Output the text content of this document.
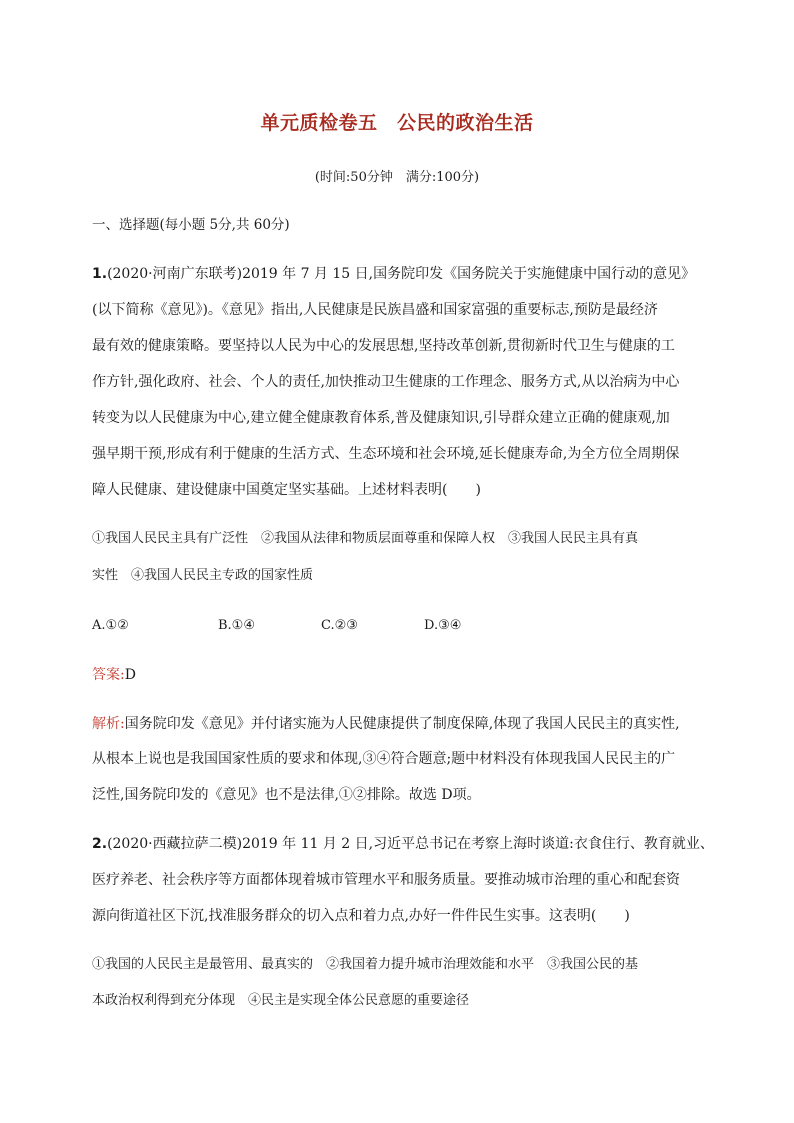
单元质检卷五　公民的政治生活
(时间:50分钟　满分:100分)
一、选择题(每小题 5分,共 60分)
1.(2020·河南广东联考)2019 年 7 月 15 日,国务院印发《国务院关于实施健康中国行动的意见》
(以下简称《意见》)。《意见》指出,人民健康是民族昌盛和国家富强的重要标志,预防是最经济
最有效的健康策略。要坚持以人民为中心的发展思想,坚持改革创新,贯彻新时代卫生与健康的工
作方针,强化政府、社会、个人的责任,加快推动卫生健康的工作理念、服务方式,从以治病为中心
转变为以人民健康为中心,建立健全健康教育体系,普及健康知识,引导群众建立正确的健康观,加
强早期干预,形成有利于健康的生活方式、生态环境和社会环境,延长健康寿命,为全方位全周期保
障人民健康、建设健康中国奠定坚实基础。上述材料表明(　　)
①我国人民民主具有广泛性　②我国从法律和物质层面尊重和保障人权　③我国人民民主具有真
实性　④我国人民民主专政的国家性质
A.①②	B.①④	C.②③	D.③④
答案:D
解析:国务院印发《意见》并付诸实施为人民健康提供了制度保障,体现了我国人民民主的真实性,
从根本上说也是我国国家性质的要求和体现,③④符合题意;题中材料没有体现我国人民民主的广
泛性,国务院印发的《意见》也不是法律,①②排除。故选 D项。
2.(2020·西藏拉萨二模)2019 年 11 月 2 日,习近平总书记在考察上海时谈道:衣食住行、教育就业、
医疗养老、社会秩序等方面都体现着城市管理水平和服务质量。要推动城市治理的重心和配套资
源向街道社区下沉,找准服务群众的切入点和着力点,办好一件件民生实事。这表明(　　)
①我国的人民民主是最管用、最真实的　②我国着力提升城市治理效能和水平　③我国公民的基
本政治权利得到充分体现　④民主是实现全体公民意愿的重要途径
